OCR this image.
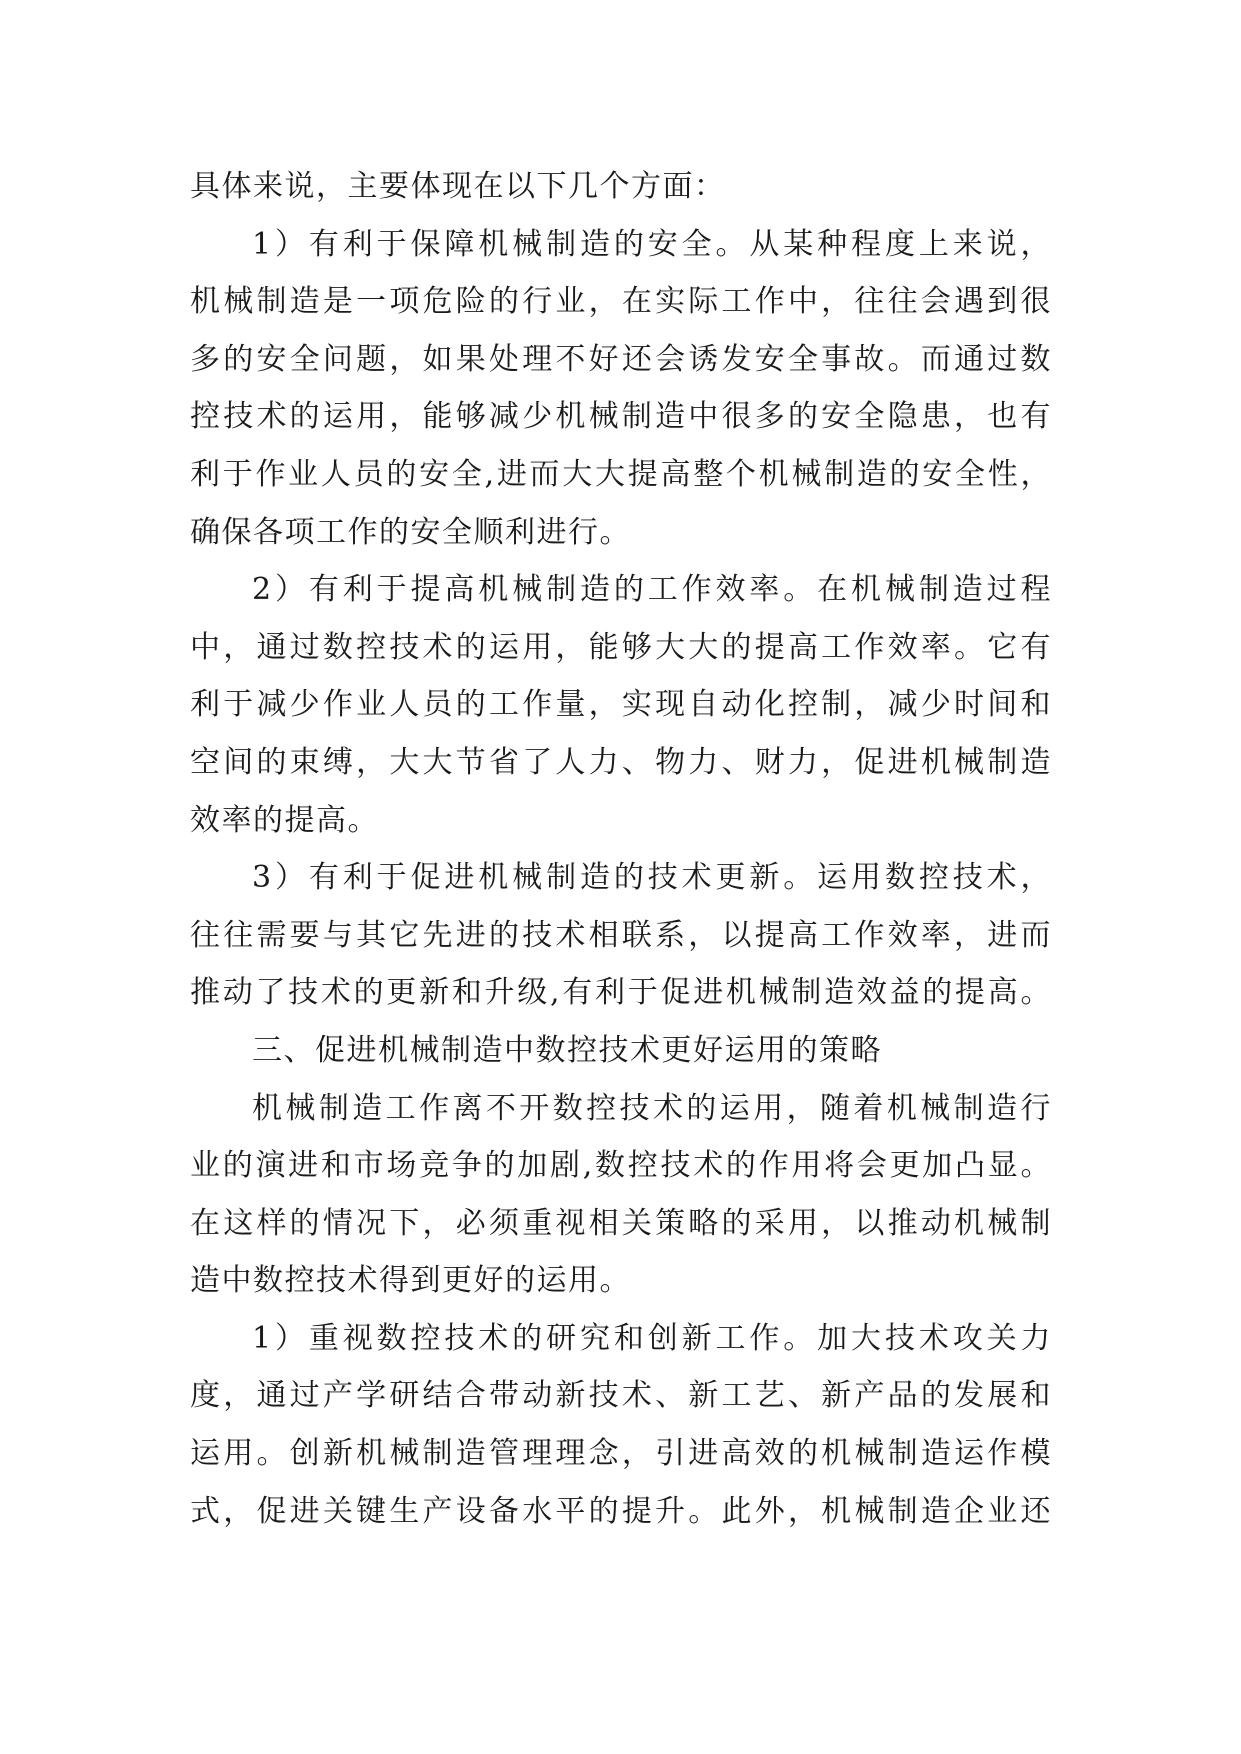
具体来说，主要体现在以下几个方面：
1）有利于保障机械制造的安全。从某种程度上来说，
机械制造是一项危险的行业，在实际工作中，往往会遇到很
多的安全问题，如果处理不好还会诱发安全事故。而通过数
控技术的运用，能够减少机械制造中很多的安全隐患，也有
利于作业人员的安全,进而大大提高整个机械制造的安全性，
确保各项工作的安全顺利进行。
2）有利于提高机械制造的工作效率。在机械制造过程
中，通过数控技术的运用，能够大大的提高工作效率。它有
利于减少作业人员的工作量，实现自动化控制，减少时间和
空间的束缚，大大节省了人力、物力、财力，促进机械制造
效率的提高。
3）有利于促进机械制造的技术更新。运用数控技术，
往往需要与其它先进的技术相联系，以提高工作效率，进而
推动了技术的更新和升级,有利于促进机械制造效益的提高。
三、促进机械制造中数控技术更好运用的策略
机械制造工作离不开数控技术的运用，随着机械制造行
业的演进和市场竞争的加剧,数控技术的作用将会更加凸显。
在这样的情况下，必须重视相关策略的采用，以推动机械制
造中数控技术得到更好的运用。
1）重视数控技术的研究和创新工作。加大技术攻关力
度，通过产学研结合带动新技术、新工艺、新产品的发展和
运用。创新机械制造管理理念，引进高效的机械制造运作模
式，促进关键生产设备水平的提升。此外，机械制造企业还
